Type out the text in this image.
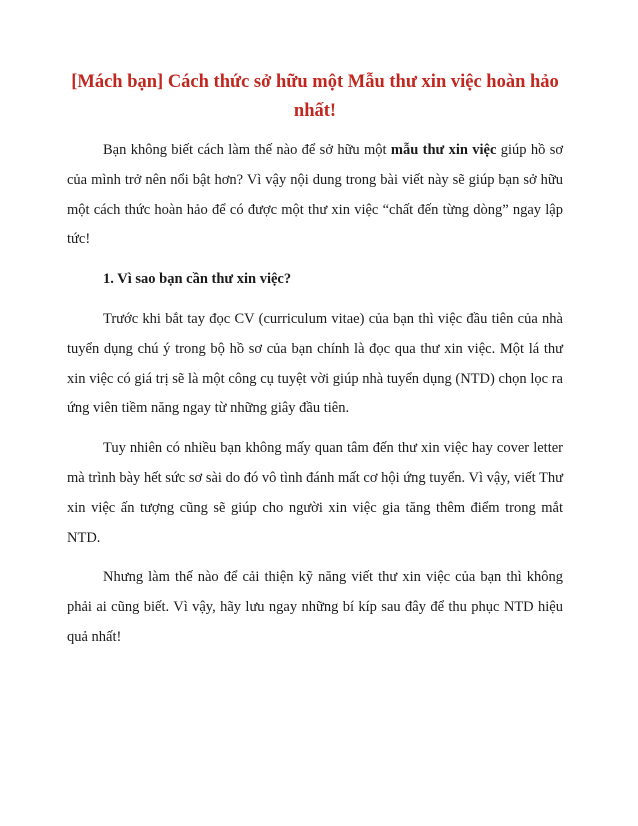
[Mách bạn] Cách thức sở hữu một Mẫu thư xin việc hoàn hảo nhất!

Bạn không biết cách làm thế nào để sở hữu một mẫu thư xin việc giúp hồ sơ của mình trở nên nổi bật hơn? Vì vậy nội dung trong bài viết này sẽ giúp bạn sở hữu một cách thức hoàn hảo để có được một thư xin việc “chất đến từng dòng” ngay lập tức!

1. Vì sao bạn cần thư xin việc?

Trước khi bắt tay đọc CV (curriculum vitae) của bạn thì việc đầu tiên của nhà tuyển dụng chú ý trong bộ hồ sơ của bạn chính là đọc qua thư xin việc. Một lá thư xin việc có giá trị sẽ là một công cụ tuyệt vời giúp nhà tuyển dụng (NTD) chọn lọc ra ứng viên tiềm năng ngay từ những giây đầu tiên.

Tuy nhiên có nhiều bạn không mấy quan tâm đến thư xin việc hay cover letter mà trình bày hết sức sơ sài do đó vô tình đánh mất cơ hội ứng tuyển. Vì vậy, viết Thư xin việc ấn tượng cũng sẽ giúp cho người xin việc gia tăng thêm điểm trong mắt NTD.

Nhưng làm thế nào để cải thiện kỹ năng viết thư xin việc của bạn thì không phải ai cũng biết. Vì vậy, hãy lưu ngay những bí kíp sau đây để thu phục NTD hiệu quả nhất!
